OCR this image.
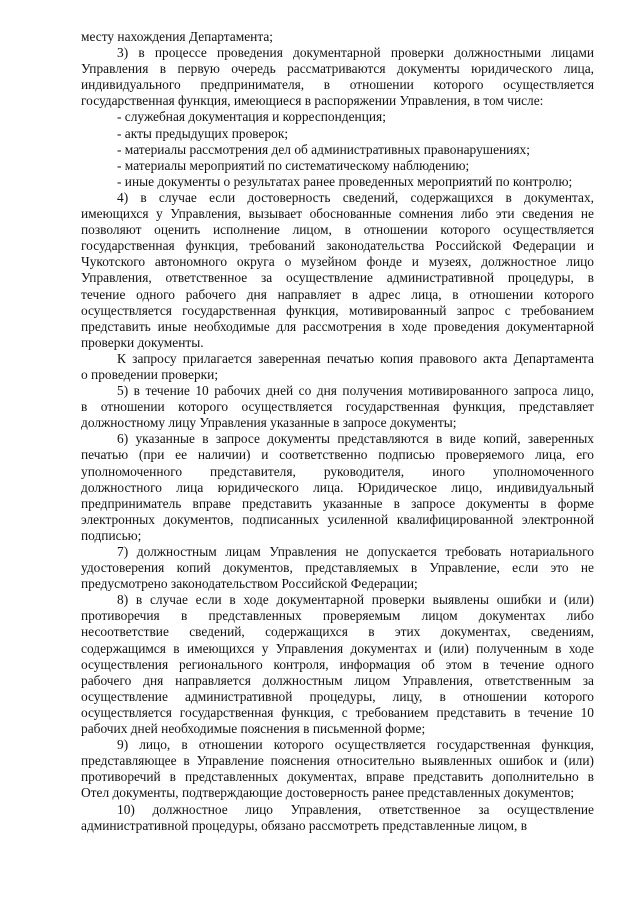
месту нахождения Департамента;
3) в процессе проведения документарной проверки должностными лицами
Управления в первую очередь рассматриваются документы юридического лица,
индивидуального предпринимателя, в отношении которого осуществляется
государственная функция, имеющиеся в распоряжении Управления, в том числе:
- служебная документация и корреспонденция;
- акты предыдущих проверок;
- материалы рассмотрения дел об административных правонарушениях;
- материалы мероприятий по систематическому наблюдению;
- иные документы о результатах ранее проведенных мероприятий по контролю;
4) в случае если достоверность сведений, содержащихся в документах,
имеющихся у Управления, вызывает обоснованные сомнения либо эти сведения не
позволяют оценить исполнение лицом, в отношении которого осуществляется
государственная функция, требований законодательства Российской Федерации и
Чукотского автономного округа о музейном фонде и музеях, должностное лицо
Управления, ответственное за осуществление административной процедуры, в
течение одного рабочего дня направляет в адрес лица, в отношении которого
осуществляется государственная функция, мотивированный запрос с требованием
представить иные необходимые для рассмотрения в ходе проведения документарной
проверки документы.
К запросу прилагается заверенная печатью копия правового акта Департамента
о проведении проверки;
5) в течение 10 рабочих дней со дня получения мотивированного запроса лицо,
в отношении которого осуществляется государственная функция, представляет
должностному лицу Управления указанные в запросе документы;
6) указанные в запросе документы представляются в виде копий, заверенных
печатью (при ее наличии) и соответственно подписью проверяемого лица, его
уполномоченного представителя, руководителя, иного уполномоченного
должностного лица юридического лица. Юридическое лицо, индивидуальный
предприниматель вправе представить указанные в запросе документы в форме
электронных документов, подписанных усиленной квалифицированной электронной
подписью;
7) должностным лицам Управления не допускается требовать нотариального
удостоверения копий документов, представляемых в Управление, если это не
предусмотрено законодательством Российской Федерации;
8) в случае если в ходе документарной проверки выявлены ошибки и (или)
противоречия в представленных проверяемым лицом документах либо
несоответствие сведений, содержащихся в этих документах, сведениям,
содержащимся в имеющихся у Управления документах и (или) полученным в ходе
осуществления регионального контроля, информация об этом в течение одного
рабочего дня направляется должностным лицом Управления, ответственным за
осуществление административной процедуры, лицу, в отношении которого
осуществляется государственная функция, с требованием представить в течение 10
рабочих дней необходимые пояснения в письменной форме;
9) лицо, в отношении которого осуществляется государственная функция,
представляющее в Управление пояснения относительно выявленных ошибок и (или)
противоречий в представленных документах, вправе представить дополнительно в
Отел документы, подтверждающие достоверность ранее представленных документов;
10) должностное лицо Управления, ответственное за осуществление
административной процедуры, обязано рассмотреть представленные лицом, в
